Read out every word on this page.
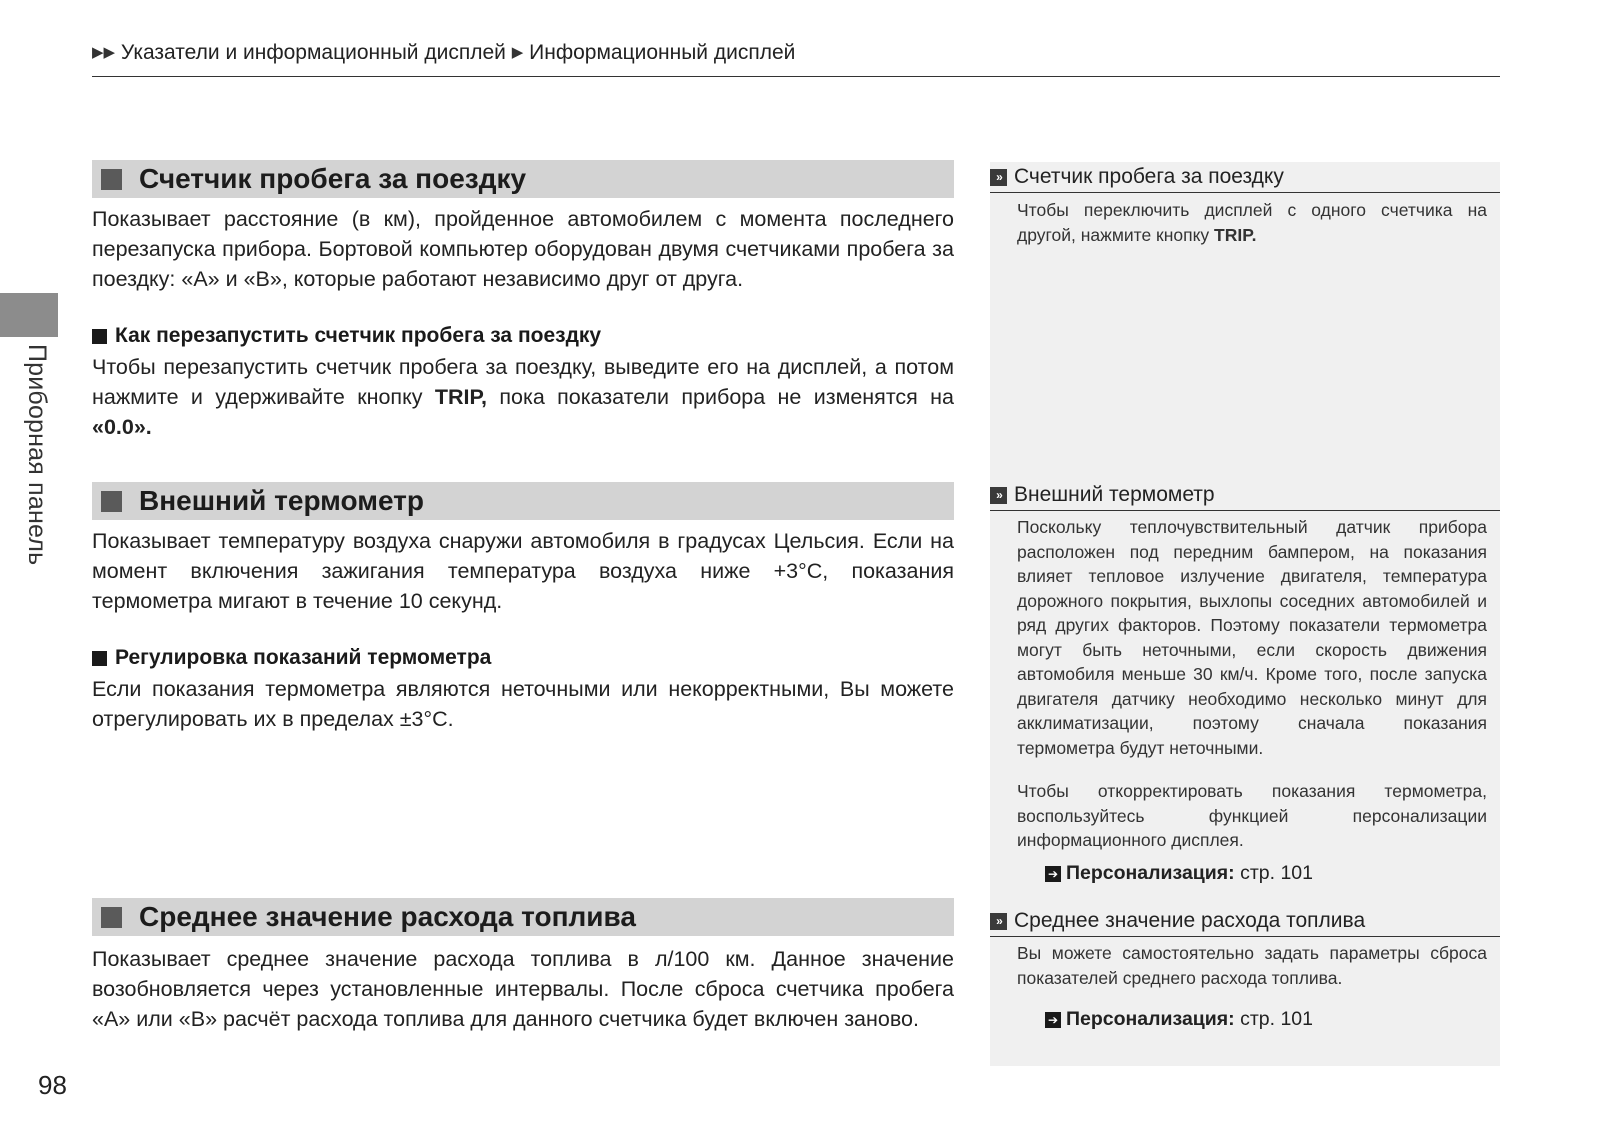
▶▶ Указатели и информационный дисплей ▶ Информационный дисплей
Приборная панель
Счетчик пробега за поездку
Показывает расстояние (в км), пройденное автомобилем с момента последнего перезапуска прибора. Бортовой компьютер оборудован двумя счетчиками пробега за поездку: «А» и «В», которые работают независимо друг от друга.
Как перезапустить счетчик пробега за поездку
Чтобы перезапустить счетчик пробега за поездку, выведите его на дисплей, а потом нажмите и удерживайте кнопку TRIP, пока показатели прибора не изменятся на «0.0».
Внешний термометр
Показывает температуру воздуха снаружи автомобиля в градусах Цельсия. Если на момент включения зажигания температура воздуха ниже +3°С, показания термометра мигают в течение 10 секунд.
Регулировка показаний термометра
Если показания термометра являются неточными или некорректными, Вы можете отрегулировать их в пределах ±3°С.
Среднее значение расхода топлива
Показывает среднее значение расхода топлива в л/100 км. Данное значение возобновляется через установленные интервалы. После сброса счетчика пробега «А» или «В» расчёт расхода топлива для данного счетчика будет включен заново.
» Счетчик пробега за поездку
Чтобы переключить дисплей с одного счетчика на другой, нажмите кнопку TRIP.
» Внешний термометр
Поскольку теплочувствительный датчик прибора расположен под передним бампером, на показания влияет тепловое излучение двигателя, температура дорожного покрытия, выхлопы соседних автомобилей и ряд других факторов. Поэтому показатели термометра могут быть неточными, если скорость движения автомобиля меньше 30 км/ч. Кроме того, после запуска двигателя датчику необходимо несколько минут для акклиматизации, поэтому сначала показания термометра будут неточными.
Чтобы откорректировать показания термометра, воспользуйтесь функцией персонализации информационного дисплея.
➔ Персонализация:
стр. 101
» Среднее значение расхода топлива
Вы можете самостоятельно задать параметры сброса показателей среднего расхода топлива.
➔ Персонализация:
стр. 101
98
